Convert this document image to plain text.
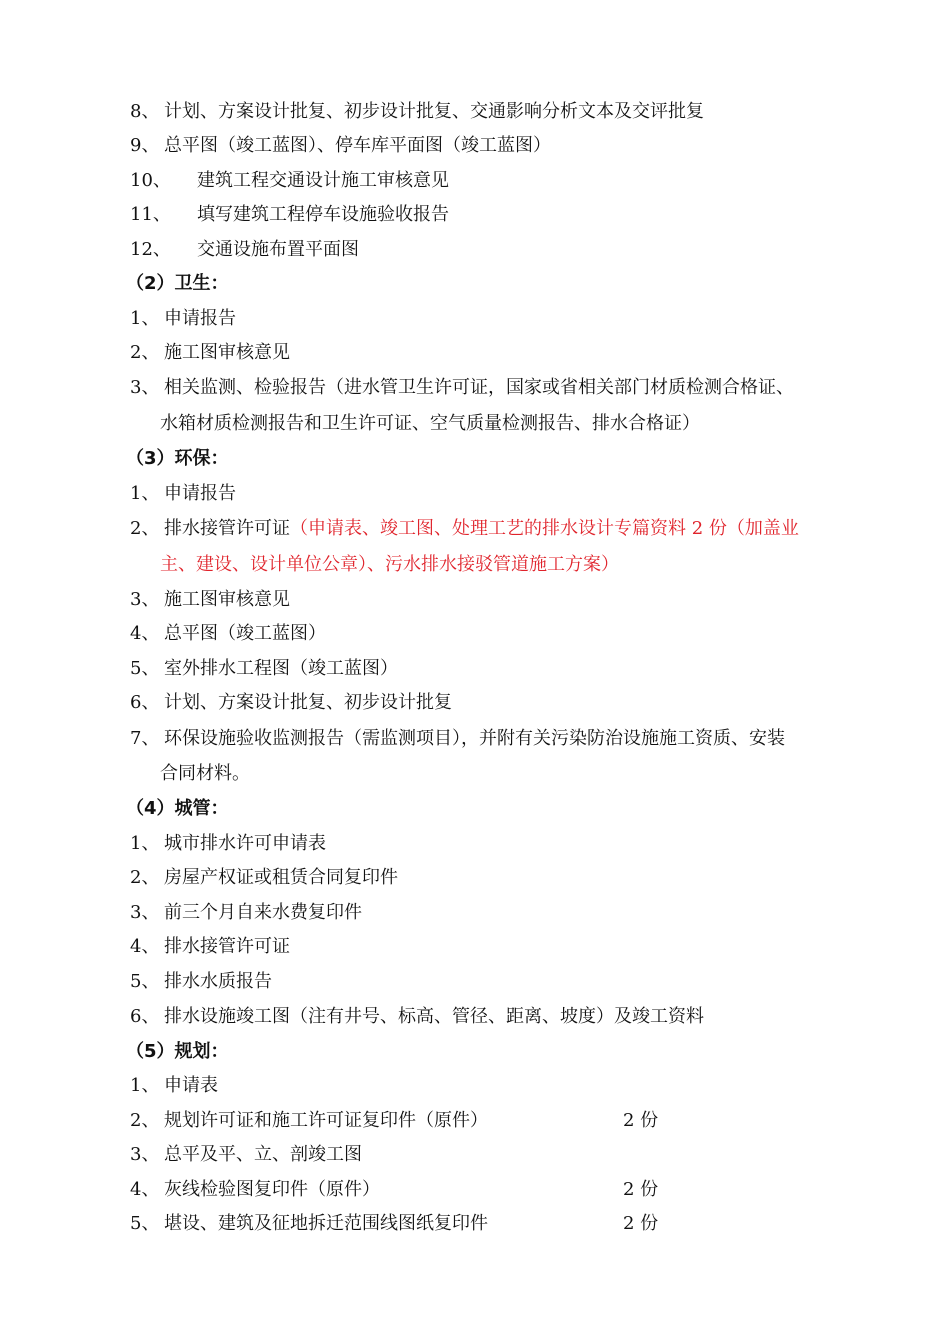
8、 计划、方案设计批复、初步设计批复、交通影响分析文本及交评批复
9、 总平图（竣工蓝图）、停车库平面图（竣工蓝图）
10、 建筑工程交通设计施工审核意见
11、 填写建筑工程停车设施验收报告
12、 交通设施布置平面图
（2）卫生：
1、 申请报告
2、 施工图审核意见
3、 相关监测、检验报告（进水管卫生许可证，国家或省相关部门材质检测合格证、
水箱材质检测报告和卫生许可证、空气质量检测报告、排水合格证）
（3）环保：
1、 申请报告
2、 排水接管许可证（申请表、竣工图、处理工艺的排水设计专篇资料 2 份（加盖业
主、建设、设计单位公章）、污水排水接驳管道施工方案）
3、 施工图审核意见
4、 总平图（竣工蓝图）
5、 室外排水工程图（竣工蓝图）
6、 计划、方案设计批复、初步设计批复
7、 环保设施验收监测报告（需监测项目），并附有关污染防治设施施工资质、安装
合同材料。
（4）城管：
1、 城市排水许可申请表
2、 房屋产权证或租赁合同复印件
3、 前三个月自来水费复印件
4、 排水接管许可证
5、 排水水质报告
6、 排水设施竣工图（注有井号、标高、管径、距离、坡度）及竣工资料
（5）规划：
1、 申请表
2、 规划许可证和施工许可证复印件（原件）	2 份
3、 总平及平、立、剖竣工图
4、 灰线检验图复印件（原件）	2 份
5、 堪设、建筑及征地拆迁范围线图纸复印件	2 份
